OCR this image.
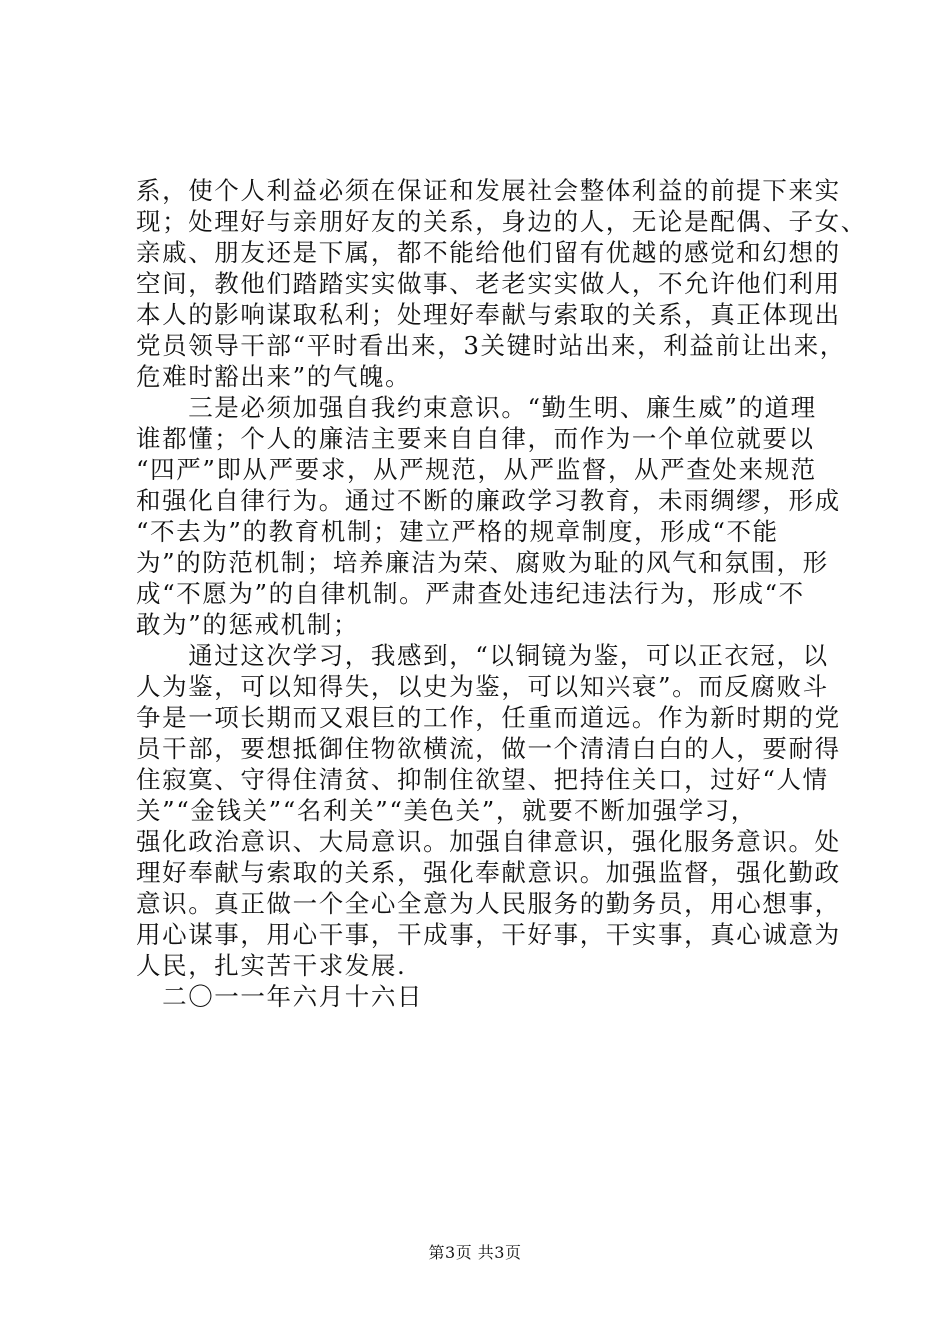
系，使个人利益必须在保证和发展社会整体利益的前提下来实
现；处理好与亲朋好友的关系，身边的人，无论是配偶、子女、
亲戚、朋友还是下属，都不能给他们留有优越的感觉和幻想的
空间，教他们踏踏实实做事、老老实实做人，不允许他们利用
本人的影响谋取私利；处理好奉献与索取的关系，真正体现出
党员领导干部“平时看出来，3关键时站出来，利益前让出来，
危难时豁出来”的气魄。
　　三是必须加强自我约束意识。“勤生明、廉生威”的道理
谁都懂；个人的廉洁主要来自自律，而作为一个单位就要以
“四严”即从严要求，从严规范，从严监督，从严查处来规范
和强化自律行为。通过不断的廉政学习教育，未雨绸缪，形成
“不去为”的教育机制；建立严格的规章制度，形成“不能
为”的防范机制；培养廉洁为荣、腐败为耻的风气和氛围，形
成“不愿为”的自律机制。严肃查处违纪违法行为，形成“不
敢为”的惩戒机制；
　　通过这次学习，我感到，“以铜镜为鉴，可以正衣冠，以
人为鉴，可以知得失，以史为鉴，可以知兴衰”。而反腐败斗
争是一项长期而又艰巨的工作，任重而道远。作为新时期的党
员干部，要想抵御住物欲横流，做一个清清白白的人，要耐得
住寂寞、守得住清贫、抑制住欲望、把持住关口，过好“人情
关”“金钱关”“名利关”“美色关”，就要不断加强学习，
强化政治意识、大局意识。加强自律意识，强化服务意识。处
理好奉献与索取的关系，强化奉献意识。加强监督，强化勤政
意识。真正做一个全心全意为人民服务的勤务员，用心想事，
用心谋事，用心干事，干成事，干好事，干实事，真心诚意为
人民，扎实苦干求发展.
　二〇一一年六月十六日
第3页 共3页
